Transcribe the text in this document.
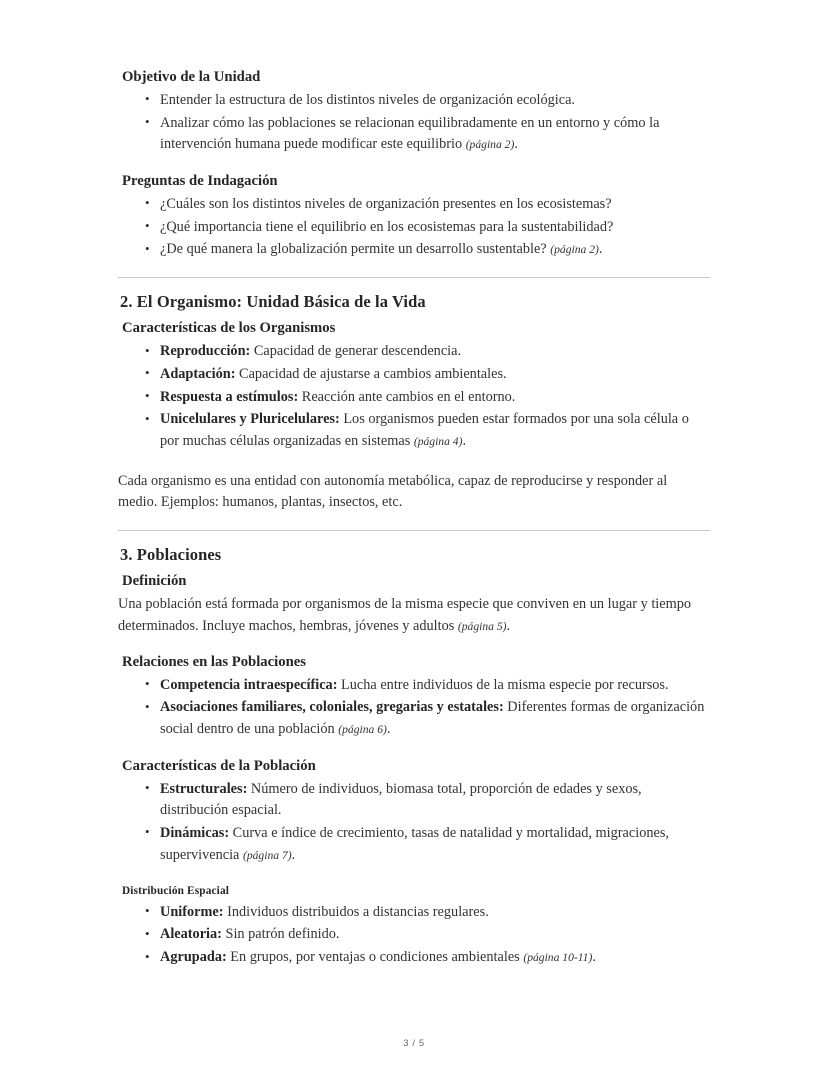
Objetivo de la Unidad
• Entender la estructura de los distintos niveles de organización ecológica.
• Analizar cómo las poblaciones se relacionan equilibradamente en un entorno y cómo la intervención humana puede modificar este equilibrio (página 2).
Preguntas de Indagación
• ¿Cuáles son los distintos niveles de organización presentes en los ecosistemas?
• ¿Qué importancia tiene el equilibrio en los ecosistemas para la sustentabilidad?
• ¿De qué manera la globalización permite un desarrollo sustentable? (página 2).
2. El Organismo: Unidad Básica de la Vida
Características de los Organismos
• Reproducción: Capacidad de generar descendencia.
• Adaptación: Capacidad de ajustarse a cambios ambientales.
• Respuesta a estímulos: Reacción ante cambios en el entorno.
• Unicelulares y Pluricelulares: Los organismos pueden estar formados por una sola célula o por muchas células organizadas en sistemas (página 4).

Cada organismo es una entidad con autonomía metabólica, capaz de reproducirse y responder al medio. Ejemplos: humanos, plantas, insectos, etc.

3. Poblaciones
Definición

Una población está formada por organismos de la misma especie que conviven en un lugar y tiempo determinados. Incluye machos, hembras, jóvenes y adultos (página 5).

Relaciones en las Poblaciones
• Competencia intraespecífica: Lucha entre individuos de la misma especie por recursos.
• Asociaciones familiares, coloniales, gregarias y estatales: Diferentes formas de organización social dentro de una población (página 6).
Características de la Población
• Estructurales: Número de individuos, biomasa total, proporción de edades y sexos, distribución espacial.
• Dinámicas: Curva e índice de crecimiento, tasas de natalidad y mortalidad, migraciones, supervivencia (página 7).
Distribución Espacial
• Uniforme: Individuos distribuidos a distancias regulares.
• Aleatoria: Sin patrón definido.
• Agrupada: En grupos, por ventajas o condiciones ambientales (página 10-11).
3 / 5
